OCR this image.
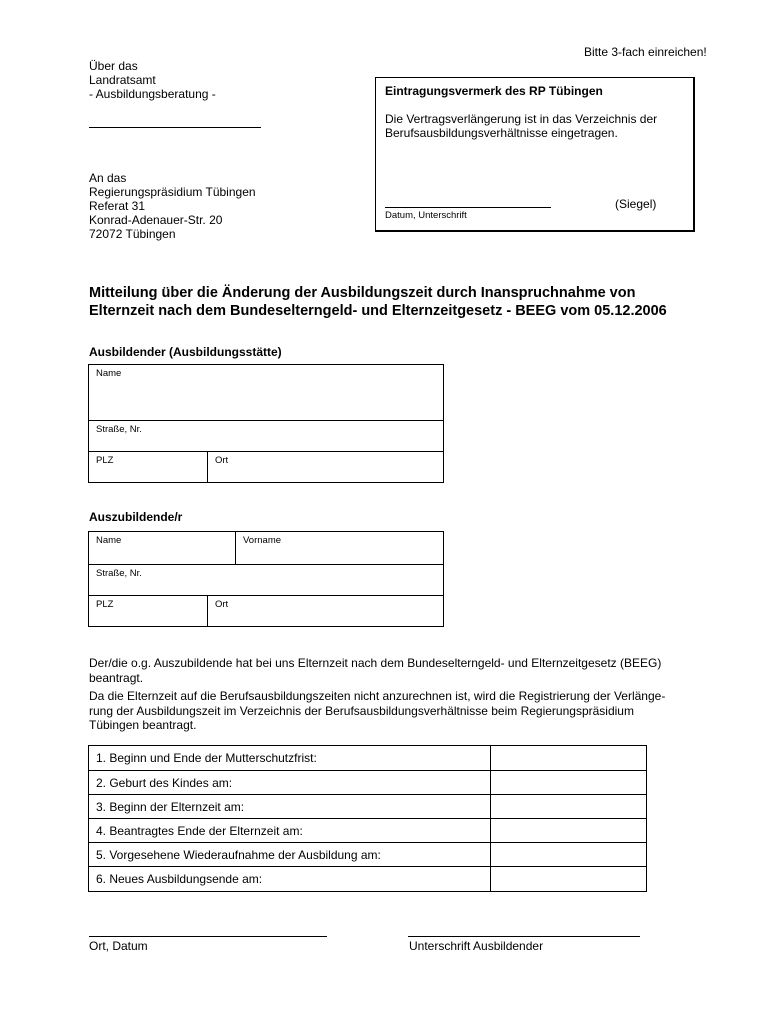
Bitte 3-fach einreichen!
Über das
Landratsamt
- Ausbildungsberatung -
An das
Regierungspräsidium Tübingen
Referat 31
Konrad-Adenauer-Str. 20
72072 Tübingen
Eintragungsvermerk des RP Tübingen
Die Vertragsverlängerung ist in das Verzeichnis der
Berufsausbildungsverhältnisse eingetragen.
(Siegel)
Datum, Unterschrift
Mitteilung über die Änderung der Ausbildungszeit durch Inanspruchnahme von
Elternzeit nach dem Bundeselterngeld- und Elternzeitgesetz - BEEG vom 05.12.2006
Ausbildender (Ausbildungsstätte)
Name
Straße, Nr.
PLZ	Ort
Auszubildende/r
Name	Vorname
Straße, Nr.
PLZ	Ort
Der/die o.g. Auszubildende hat bei uns Elternzeit nach dem Bundeselterngeld- und Elternzeitgesetz (BEEG)
beantragt.
Da die Elternzeit auf die Berufsausbildungszeiten nicht anzurechnen ist, wird die Registrierung der Verlänge-
rung der Ausbildungszeit im Verzeichnis der Berufsausbildungsverhältnisse beim Regierungspräsidium
Tübingen beantragt.
1. Beginn und Ende der Mutterschutzfrist:
2. Geburt des Kindes am:
3. Beginn der Elternzeit am:
4. Beantragtes Ende der Elternzeit am:
5. Vorgesehene Wiederaufnahme der Ausbildung am:
6. Neues Ausbildungsende am:
Ort, Datum	Unterschrift Ausbildender
